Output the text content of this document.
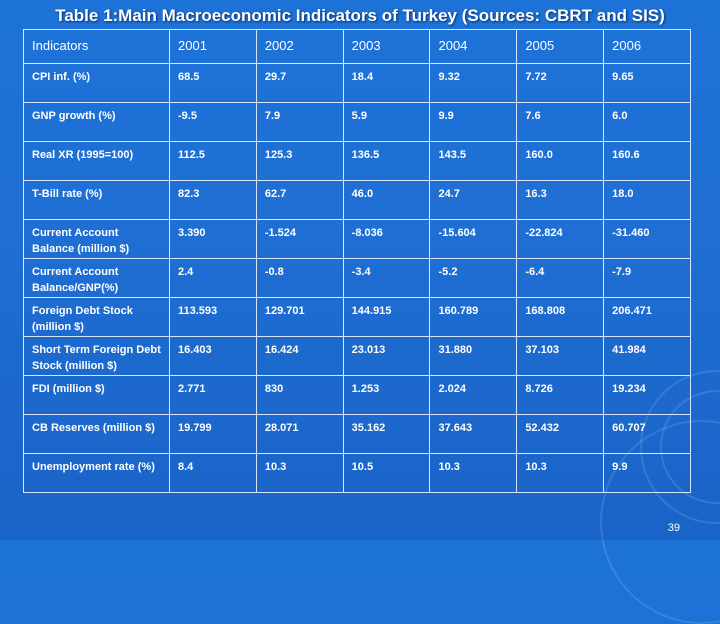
Table 1:Main Macroeconomic Indicators of Turkey (Sources: CBRT and SIS)
Indicators	2001	2002	2003	2004	2005	2006
CPI inf. (%)	68.5	29.7	18.4	9.32	7.72	9.65
GNP growth (%)	-9.5	7.9	5.9	9.9	7.6	6.0
Real XR (1995=100)	112.5	125.3	136.5	143.5	160.0	160.6
T-Bill rate (%)	82.3	62.7	46.0	24.7	16.3	18.0
Current Account Balance (million $)	3.390	-1.524	-8.036	-15.604	-22.824	-31.460
Current Account Balance/GNP(%)	2.4	-0.8	-3.4	-5.2	-6.4	-7.9
Foreign Debt Stock (million $)	113.593	129.701	144.915	160.789	168.808	206.471
Short Term Foreign Debt Stock (million $)	16.403	16.424	23.013	31.880	37.103	41.984
FDI (million $)	2.771	830	1.253	2.024	8.726	19.234
CB Reserves (million $)	19.799	28.071	35.162	37.643	52.432	60.707
Unemployment rate (%)	8.4	10.3	10.5	10.3	10.3	9.9
39
